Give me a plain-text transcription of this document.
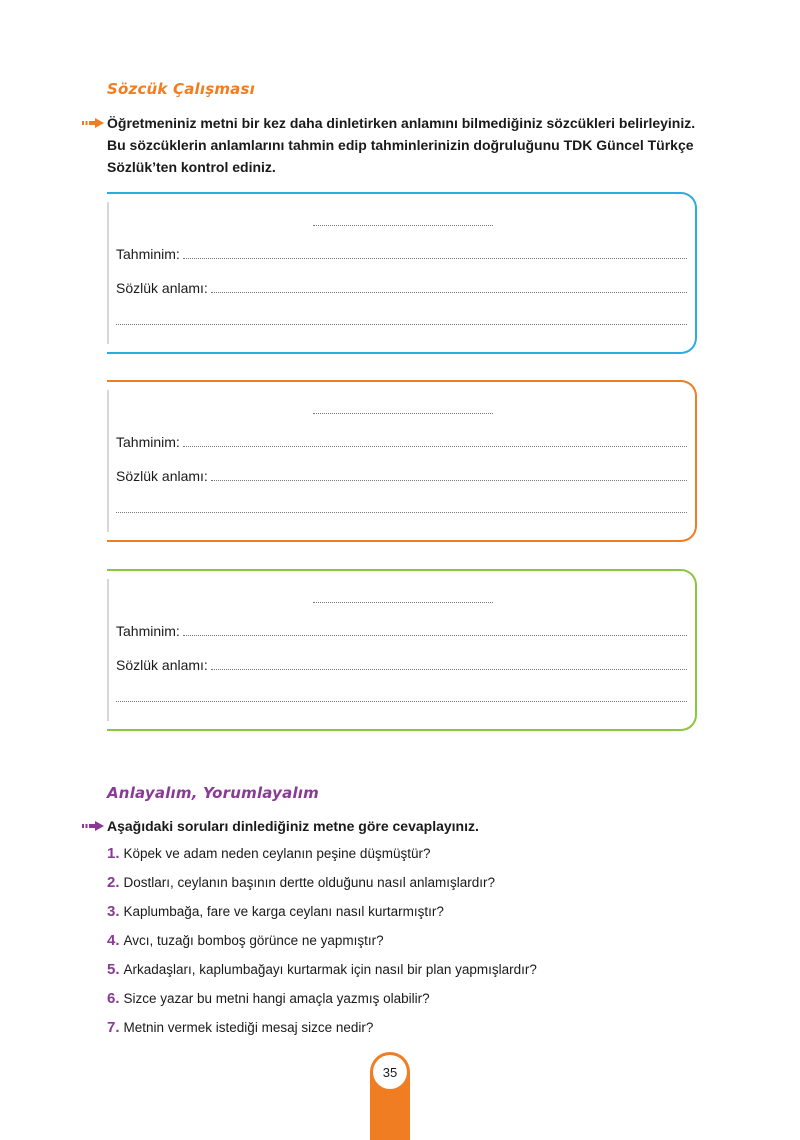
Sözcük Çalışması
Öğretmeniniz metni bir kez daha dinletirken anlamını bilmediğiniz sözcükleri belirleyiniz. Bu sözcüklerin anlamlarını tahmin edip tahminlerinizin doğruluğunu TDK Güncel Türkçe Sözlük’ten kontrol ediniz.
Tahminim:
Sözlük anlamı:
Tahminim:
Sözlük anlamı:
Tahminim:
Sözlük anlamı:
Anlayalım, Yorumlayalım
Aşağıdaki soruları dinlediğiniz metne göre cevaplayınız.
1. Köpek ve adam neden ceylanın peşine düşmüştür?
2. Dostları, ceylanın başının dertte olduğunu nasıl anlamışlardır?
3. Kaplumbağa, fare ve karga ceylanı nasıl kurtarmıştır?
4. Avcı, tuzağı bomboş görünce ne yapmıştır?
5. Arkadaşları, kaplumbağayı kurtarmak için nasıl bir plan yapmışlardır?
6. Sizce yazar bu metni hangi amaçla yazmış olabilir?
7. Metnin vermek istediği mesaj sizce nedir?
35
